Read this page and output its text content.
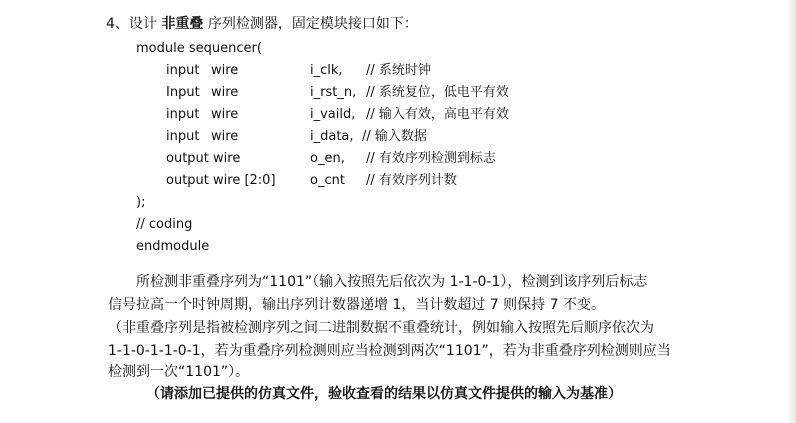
4、设计 非重叠 序列检测器，固定模块接口如下：
module sequencer(
input wire	i_clk, // 系统时钟
Input wire	i_rst_n, // 系统复位，低电平有效
input wire	i_vaild, // 输入有效，高电平有效
input wire	i_data, // 输入数据
output wire	o_en, // 有效序列检测到标志
output wire [2:0]	o_cnt // 有效序列计数
);
// coding
endmodule
所检测非重叠序列为“1101”（输入按照先后依次为 1-1-0-1），检测到该序列后标志
信号拉高一个时钟周期，输出序列计数器递增 1，当计数超过 7 则保持 7 不变。
（非重叠序列是指被检测序列之间二进制数据不重叠统计，例如输入按照先后顺序依次为
1-1-0-1-1-0-1，若为重叠序列检测则应当检测到两次“1101”，若为非重叠序列检测则应当
检测到一次“1101”）。
（请添加已提供的仿真文件，验收查看的结果以仿真文件提供的输入为基准）
